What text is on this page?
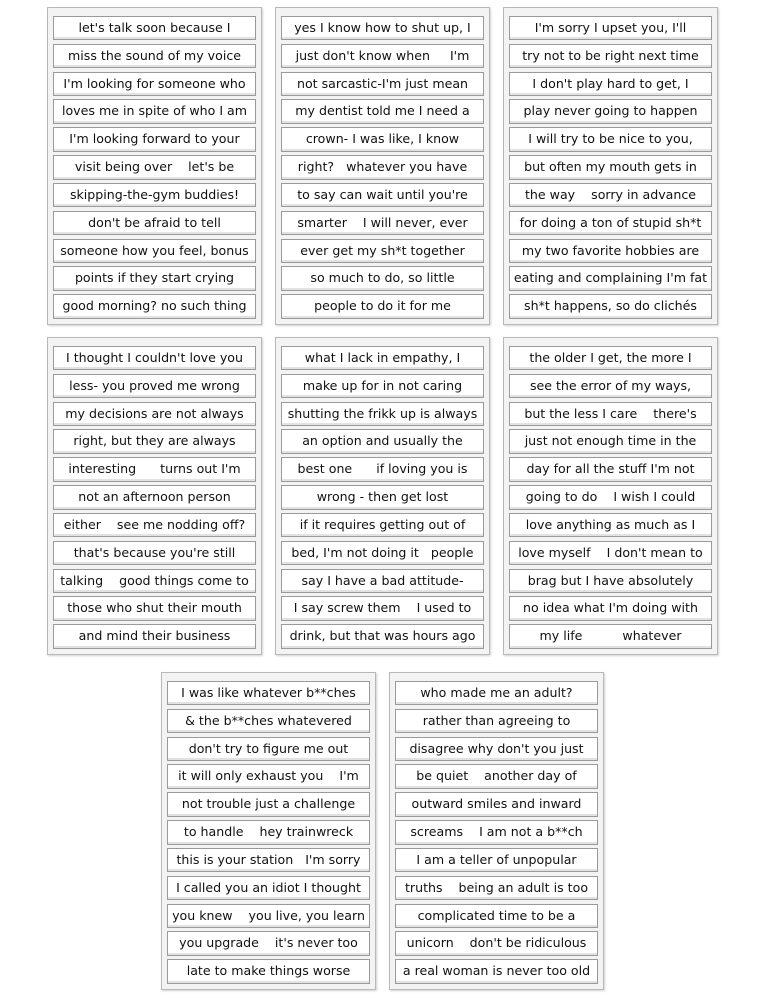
let's talk soon because I
miss the sound of my voice
I'm looking for someone who
loves me in spite of who I am
I'm looking forward to your
visit being over    let's be
skipping-the-gym buddies!
don't be afraid to tell
someone how you feel, bonus
points if they start crying
good morning? no such thing
yes I know how to shut up, I
just don't know when     I'm
not sarcastic-I'm just mean
my dentist told me I need a
crown- I was like, I know
right?   whatever you have
to say can wait until you're
smarter    I will never, ever
ever get my sh*t together
so much to do, so little
people to do it for me
I'm sorry I upset you, I'll
try not to be right next time
I don't play hard to get, I
play never going to happen
I will try to be nice to you,
but often my mouth gets in
the way    sorry in advance
for doing a ton of stupid sh*t
my two favorite hobbies are
eating and complaining I'm fat
sh*t happens, so do clichés
I thought I couldn't love you
less- you proved me wrong
my decisions are not always
right, but they are always
interesting      turns out I'm
not an afternoon person
either    see me nodding off?
that's because you're still
talking    good things come to
those who shut their mouth
and mind their business
what I lack in empathy, I
make up for in not caring
shutting the frikk up is always
an option and usually the
best one      if loving you is
wrong - then get lost
if it requires getting out of
bed, I'm not doing it   people
say I have a bad attitude-
I say screw them    I used to
drink, but that was hours ago
the older I get, the more I
see the error of my ways,
but the less I care    there's
just not enough time in the
day for all the stuff I'm not
going to do    I wish I could
love anything as much as I
love myself    I don't mean to
brag but I have absolutely
no idea what I'm doing with
my life          whatever
I was like whatever b**ches
& the b**ches whatevered
don't try to figure me out
it will only exhaust you    I'm
not trouble just a challenge
to handle    hey trainwreck
this is your station   I'm sorry
I called you an idiot I thought
you knew    you live, you learn
you upgrade    it's never too
late to make things worse
who made me an adult?
rather than agreeing to
disagree why don't you just
be quiet    another day of
outward smiles and inward
screams    I am not a b**ch
I am a teller of unpopular
truths    being an adult is too
complicated time to be a
unicorn    don't be ridiculous
a real woman is never too old
